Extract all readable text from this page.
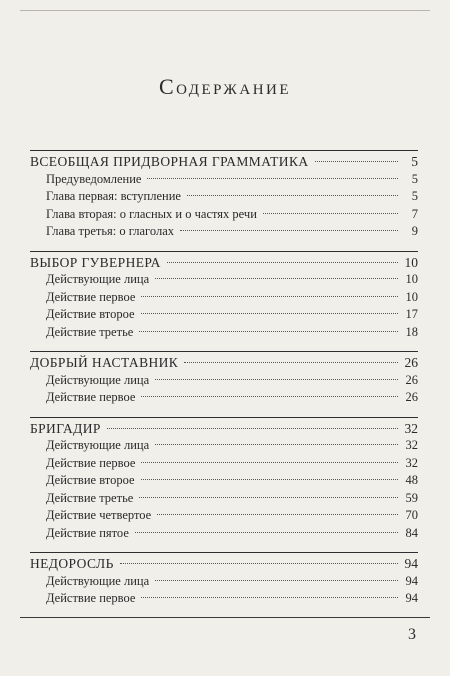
Содержание
ВСЕОБЩАЯ ПРИДВОРНАЯ ГРАММАТИКА	5
Предуведомление	5
Глава первая: вступление	5
Глава вторая: о гласных и о частях речи	7
Глава третья: о глаголах	9
ВЫБОР ГУВЕРНЕРА	10
Действующие лица	10
Действие первое	10
Действие второе	17
Действие третье	18
ДОБРЫЙ НАСТАВНИК	26
Действующие лица	26
Действие первое	26
БРИГАДИР	32
Действующие лица	32
Действие первое	32
Действие второе	48
Действие третье	59
Действие четвертое	70
Действие пятое	84
НЕДОРОСЛЬ	94
Действующие лица	94
Действие первое	94
3
